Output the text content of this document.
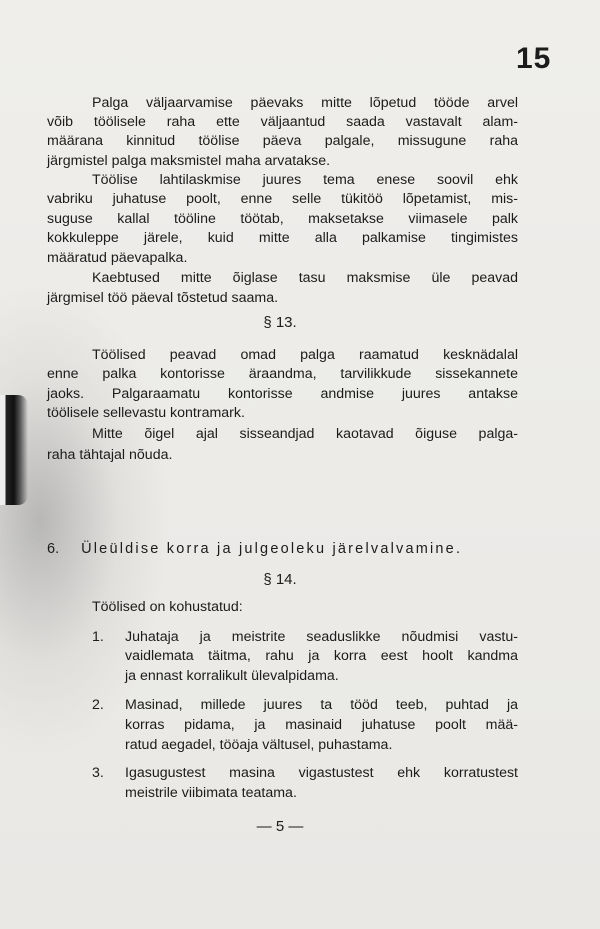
15
Palga väljaarvamise päevaks mitte lõpetud tööde arvel
võib töölisele raha ette väljaantud saada vastavalt alam-
määrana kinnitud töölise päeva palgale, missugune raha
järgmistel palga maksmistel maha arvatakse.
Töölise lahtilaskmise juures tema enese soovil ehk
vabriku juhatuse poolt, enne selle tükitöö lõpetamist, mis-
suguse kallal tööline töötab, maksetakse viimasele palk
kokkuleppe järele, kuid mitte alla palkamise tingimistes
määratud päevapalka.
Kaebtused mitte õiglase tasu maksmise üle peavad
järgmisel töö päeval tõstetud saama.
§ 13.
Töölised peavad omad palga raamatud kesknädalal
enne palka kontorisse äraandma, tarvilikkude sissekannete
jaoks. Palgaraamatu kontorisse andmise juures antakse
töölisele sellevastu kontramark.
Mitte õigel ajal sisseandjad kaotavad õiguse palga-
raha tähtajal nõuda.
6. Üleüldise korra ja julgeoleku järelvalvamine.
§ 14.
Töölised on kohustatud:
1. Juhataja ja meistrite seaduslikke nõudmisi vastu-
vaidlemata täitma, rahu ja korra eest hoolt kandma
ja ennast korralikult ülevalpidama.
2. Masinad, millede juures ta tööd teeb, puhtad ja
korras pidama, ja masinaid juhatuse poolt mää-
ratud aegadel, tööaja vältusel, puhastama.
3. Igasugustest masina vigastustest ehk korratustest
meistrile viibimata teatama.
— 5 —
